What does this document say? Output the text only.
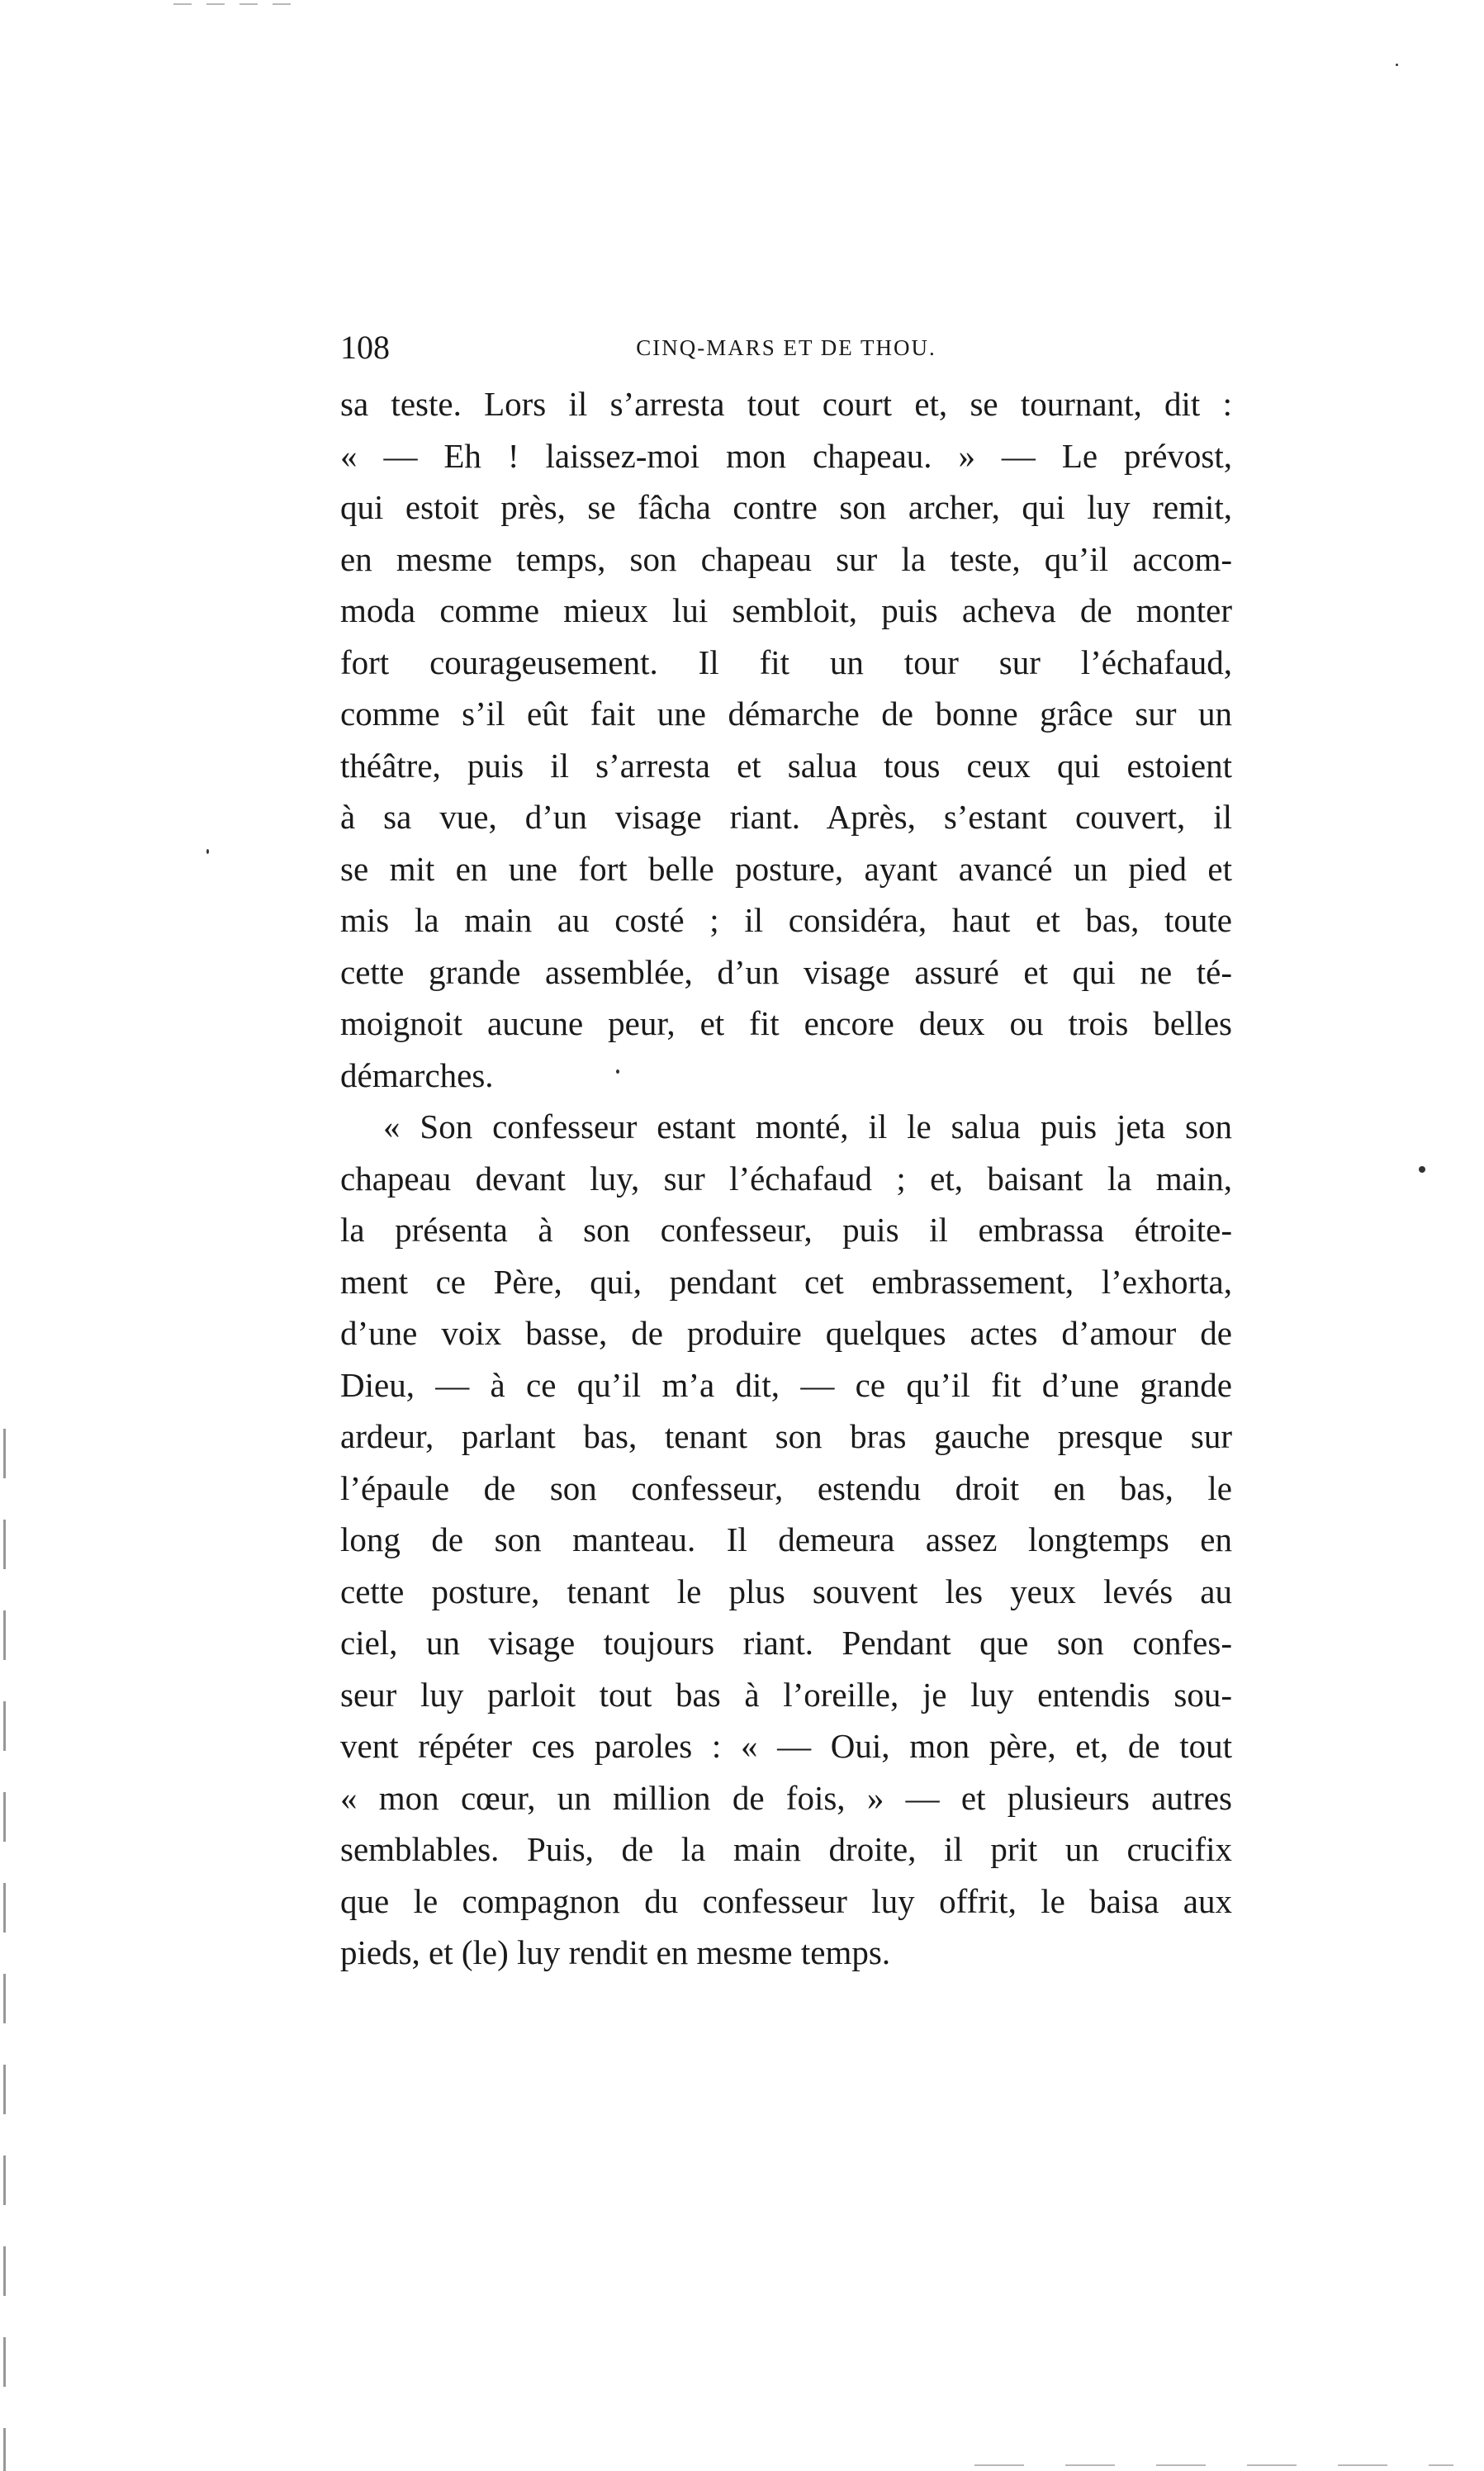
108	CINQ-MARS ET DE THOU.
sa teste. Lors il s’arresta tout court et, se tournant, dit :
« — Eh ! laissez-moi mon chapeau. » — Le prévost,
qui estoit près, se fâcha contre son archer, qui luy remit,
en mesme temps, son chapeau sur la teste, qu’il accom-
moda comme mieux lui sembloit, puis acheva de monter
fort courageusement. Il fit un tour sur l’échafaud,
comme s’il eût fait une démarche de bonne grâce sur un
théâtre, puis il s’arresta et salua tous ceux qui estoient
à sa vue, d’un visage riant. Après, s’estant couvert, il
se mit en une fort belle posture, ayant avancé un pied et
mis la main au costé ; il considéra, haut et bas, toute
cette grande assemblée, d’un visage assuré et qui ne té-
moignoit aucune peur, et fit encore deux ou trois belles
démarches.
« Son confesseur estant monté, il le salua puis jeta son
chapeau devant luy, sur l’échafaud ; et, baisant la main,
la présenta à son confesseur, puis il embrassa étroite-
ment ce Père, qui, pendant cet embrassement, l’exhorta,
d’une voix basse, de produire quelques actes d’amour de
Dieu, — à ce qu’il m’a dit, — ce qu’il fit d’une grande
ardeur, parlant bas, tenant son bras gauche presque sur
l’épaule de son confesseur, estendu droit en bas, le
long de son manteau. Il demeura assez longtemps en
cette posture, tenant le plus souvent les yeux levés au
ciel, un visage toujours riant. Pendant que son confes-
seur luy parloit tout bas à l’oreille, je luy entendis sou-
vent répéter ces paroles : « — Oui, mon père, et, de tout
« mon cœur, un million de fois, » — et plusieurs autres
semblables. Puis, de la main droite, il prit un crucifix
que le compagnon du confesseur luy offrit, le baisa aux
pieds, et (le) luy rendit en mesme temps.
